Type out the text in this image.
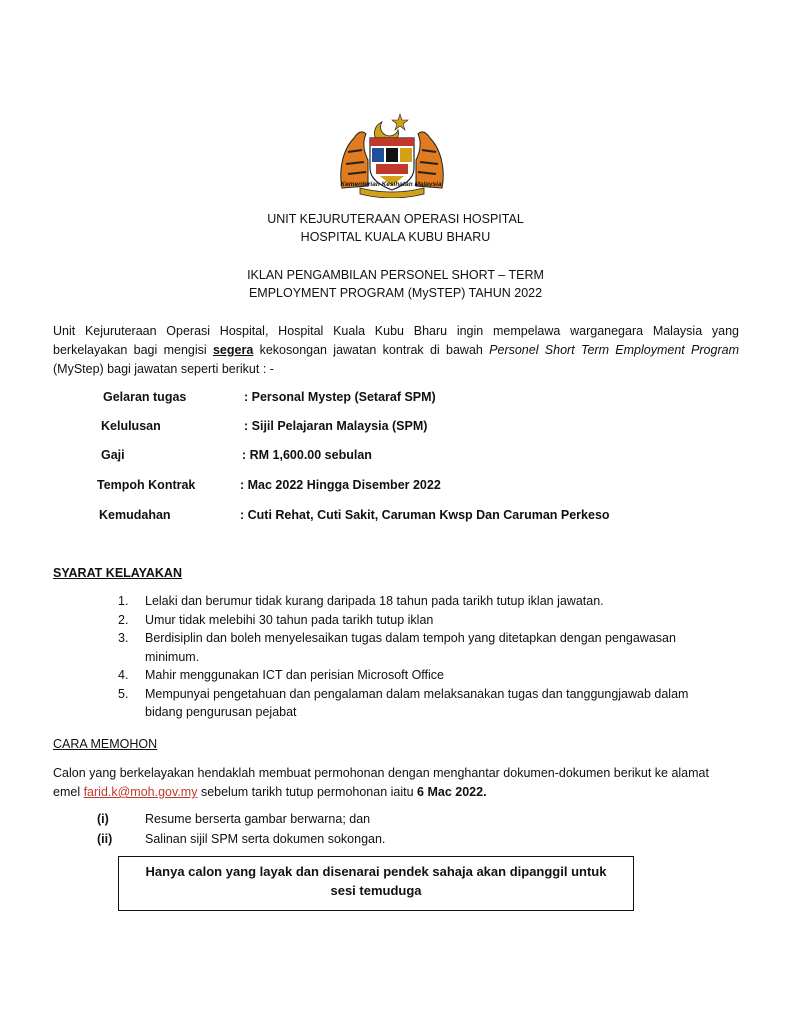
Kementerian Kesihatan Malaysia
UNIT KEJURUTERAAN OPERASI HOSPITAL
HOSPITAL KUALA KUBU BHARU
IKLAN PENGAMBILAN PERSONEL SHORT – TERM
EMPLOYMENT PROGRAM (MySTEP) TAHUN 2022
Unit Kejuruteraan Operasi Hospital, Hospital Kuala Kubu Bharu ingin mempelawa warganegara Malaysia yang berkelayakan bagi mengisi segera kekosongan jawatan kontrak di bawah Personel Short Term Employment Program (MyStep) bagi jawatan seperti berikut : -
Gelaran tugas	: Personal Mystep (Setaraf SPM)
Kelulusan	: Sijil Pelajaran Malaysia (SPM)
Gaji	: RM 1,600.00 sebulan
Tempoh Kontrak	: Mac 2022 Hingga Disember 2022
Kemudahan	: Cuti Rehat, Cuti Sakit, Caruman Kwsp Dan Caruman Perkeso
SYARAT KELAYAKAN
1. Lelaki dan berumur tidak kurang daripada 18 tahun pada tarikh tutup iklan jawatan.
2. Umur tidak melebihi 30 tahun pada tarikh tutup iklan
3. Berdisiplin dan boleh menyelesaikan tugas dalam tempoh yang ditetapkan dengan pengawasan minimum.
4. Mahir menggunakan ICT dan perisian Microsoft Office
5. Mempunyai pengetahuan dan pengalaman dalam melaksanakan tugas dan tanggungjawab dalam bidang pengurusan pejabat
CARA MEMOHON
Calon yang berkelayakan hendaklah membuat permohonan dengan menghantar dokumen-dokumen berikut ke alamat emel farid.k@moh.gov.my sebelum tarikh tutup permohonan iaitu 6 Mac 2022.
(i)	Resume berserta gambar berwarna; dan
(ii)	Salinan sijil SPM serta dokumen sokongan.
Hanya calon yang layak dan disenarai pendek sahaja akan dipanggil untuk sesi temuduga
